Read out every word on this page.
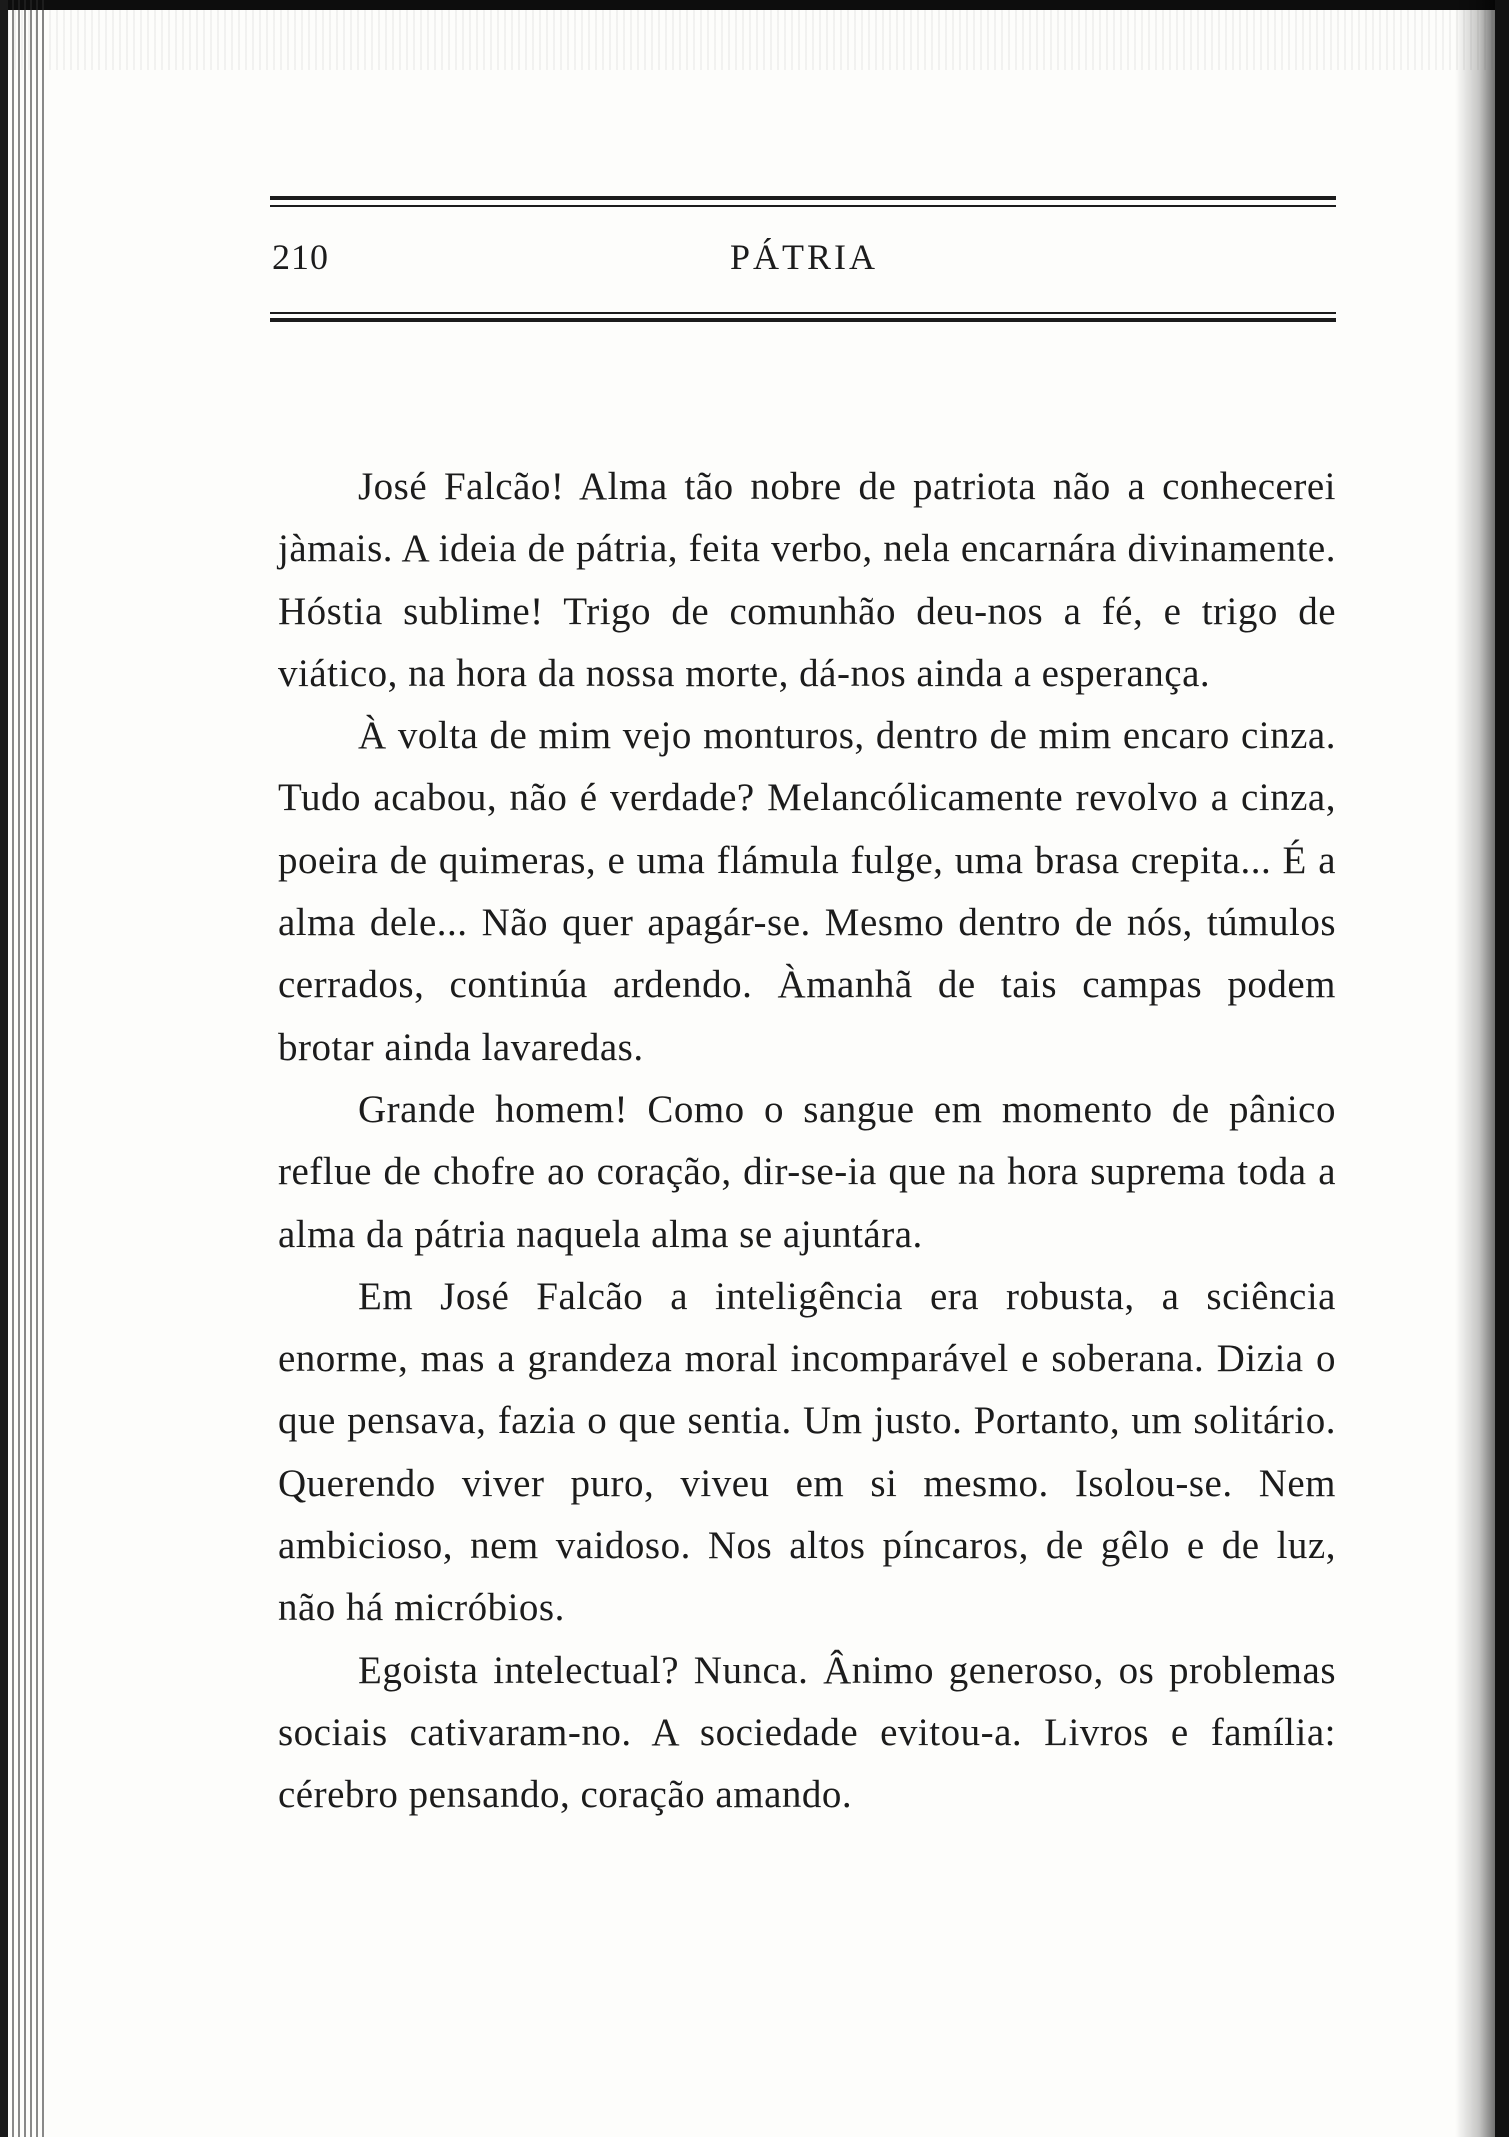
210	PÁTRIA

José Falcão! Alma tão nobre de patriota não a conhecerei jàmais. A ideia de pátria, feita verbo, nela encarnára divinamente. Hóstia sublime! Trigo de comunhão deu-nos a fé, e trigo de viático, na hora da nossa morte, dá-nos ainda a esperança.

À volta de mim vejo monturos, dentro de mim encaro cinza. Tudo acabou, não é verdade? Melancólicamente revolvo a cinza, poeira de quimeras, e uma flámula fulge, uma brasa crepita... É a alma dele... Não quer apagár-se. Mesmo dentro de nós, túmulos cerrados, continúa ardendo. Àmanhã de tais campas podem brotar ainda lavaredas.

Grande homem! Como o sangue em momento de pânico reflue de chofre ao coração, dir-se-ia que na hora suprema toda a alma da pátria naquela alma se ajuntára.

Em José Falcão a inteligência era robusta, a sciência enorme, mas a grandeza moral incomparável e soberana. Dizia o que pensava, fazia o que sentia. Um justo. Portanto, um solitário. Querendo viver puro, viveu em si mesmo. Isolou-se. Nem ambicioso, nem vaidoso. Nos altos píncaros, de gêlo e de luz, não há micróbios.

Egoista intelectual? Nunca. Ânimo generoso, os problemas sociais cativaram-no. A sociedade evitou-a. Livros e família: cérebro pensando, coração amando.
